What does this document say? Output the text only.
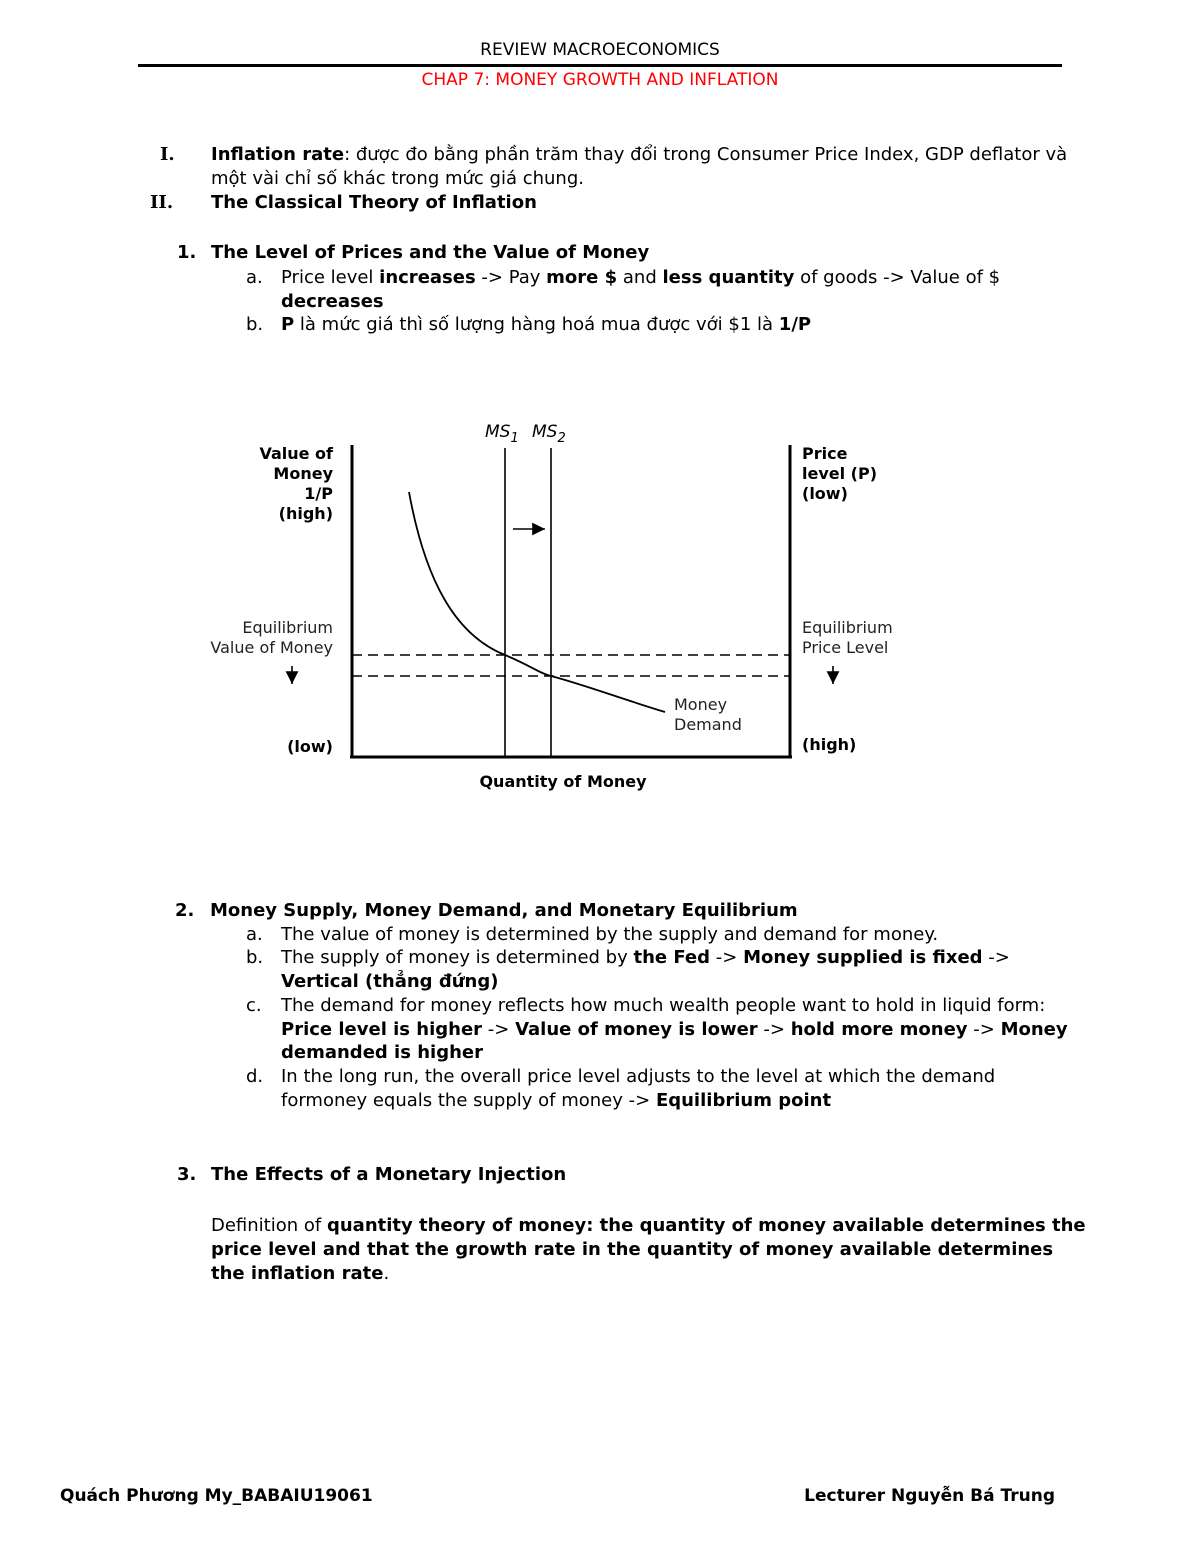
REVIEW MACROECONOMICS
CHAP 7: MONEY GROWTH AND INFLATION
I. Inflation rate: được đo bằng phần trăm thay đổi trong Consumer Price Index, GDP deflator và
một vài chỉ số khác trong mức giá chung.
II. The Classical Theory of Inflation
1. The Level of Prices and the Value of Money
a. Price level increases -> Pay more $ and less quantity of goods -> Value of $
decreases
b. P là mức giá thì số lượng hàng hoá mua được với $1 là 1/P
$MS_1$ $MS_2$
Value of
Money
1/P
(high)
(low)
Price
level (P)
(low)
(high)
Equilibrium
Value of Money
Equilibrium
Price Level
Money
Demand
Quantity of Money
2. Money Supply, Money Demand, and Monetary Equilibrium
a. The value of money is determined by the supply and demand for money.
b. The supply of money is determined by the Fed -> Money supplied is fixed ->
Vertical (thẳng đứng)
c. The demand for money reflects how much wealth people want to hold in liquid form:
Price level is higher -> Value of money is lower -> hold more money -> Money
demanded is higher
d. In the long run, the overall price level adjusts to the level at which the demand
formoney equals the supply of money -> Equilibrium point
3. The Effects of a Monetary Injection
Definition of quantity theory of money: the quantity of money available determines the
price level and that the growth rate in the quantity of money available determines
the inflation rate.
Quách Phương My_BABAIU19061	Lecturer Nguyễn Bá Trung
